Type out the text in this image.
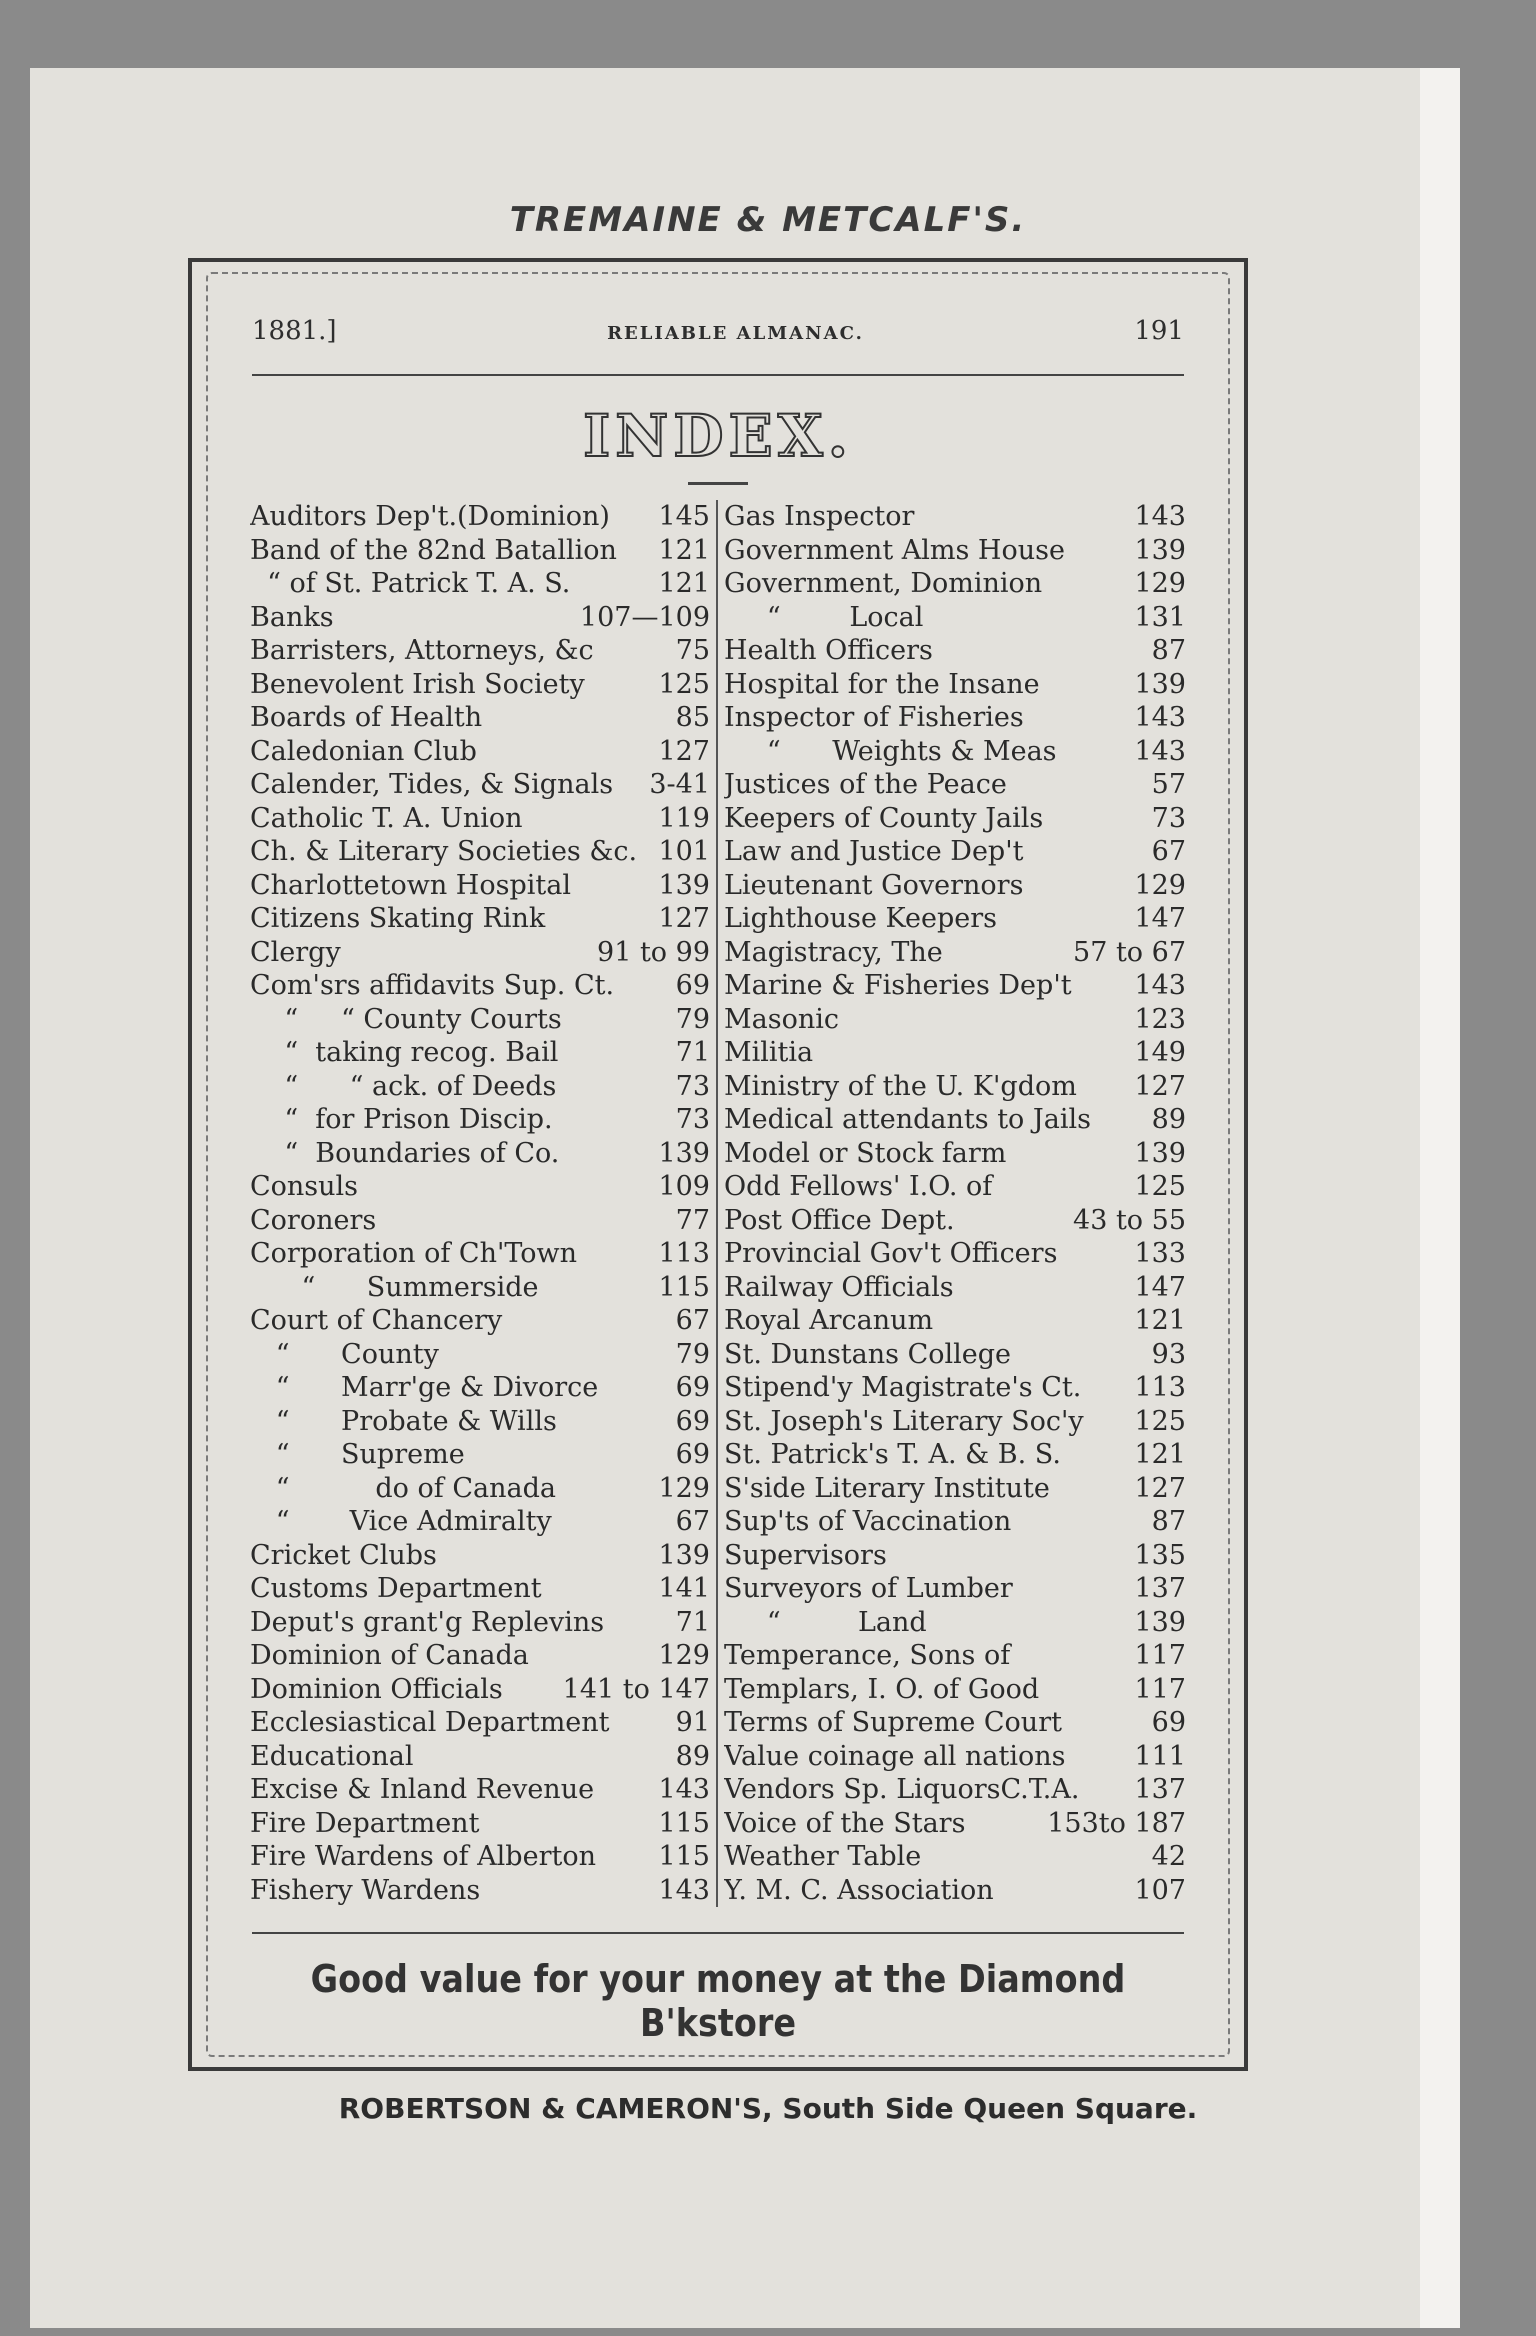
TREMAINE & METCALF'S.
1881.]	RELIABLE ALMANAC.	191
INDEX.
Auditors Dep't.(Dominion) 145
Band of the 82nd Batallion 121
“ of St. Patrick T. A. S.	121
Banks	107—109
Barristers, Attorneys, &c	75
Benevolent Irish Society	125
Boards of Health	85
Caledonian Club	127
Calender, Tides, & Signals 3-41
Catholic T. A. Union	119
Ch. & Literary Societies &c. 101
Charlottetown Hospital	139
Citizens Skating Rink	127
Clergy	91 to 99
Com'srs affidavits Sup. Ct. 69
“     “ County Courts	79
“  taking recog. Bail	71
“      “ ack. of Deeds	73
“  for Prison Discip.	73
“  Boundaries of Co.	139
Consuls	109
Coroners	77
Corporation of Ch'Town	113
“      Summerside	115
Court of Chancery	67
“      County	79
“      Marr'ge & Divorce	69
“      Probate & Wills	69
“      Supreme	69
“          do of Canada	129
“       Vice Admiralty	67
Cricket Clubs	139
Customs Department	141
Deput's grant'g Replevins	71
Dominion of Canada	129
Dominion Officials 141 to 147
Ecclesiastical Department 91
Educational	89
Excise & Inland Revenue 143
Fire Department	115
Fire Wardens of Alberton 115
Fishery Wardens	143
Gas Inspector	143
Government Alms House	139
Government, Dominion	129
“        Local	131
Health Officers	87
Hospital for the Insane	139
Inspector of Fisheries	143
“      Weights & Meas	143
Justices of the Peace	57
Keepers of County Jails	73
Law and Justice Dep't	67
Lieutenant Governors	129
Lighthouse Keepers	147
Magistracy, The	57 to 67
Marine & Fisheries Dep't 143
Masonic	123
Militia	149
Ministry of the U. K'gdom 127
Medical attendants to Jails 89
Model or Stock farm	139
Odd Fellows' I.O. of	125
Post Office Dept.	43 to 55
Provincial Gov't Officers	133
Railway Officials	147
Royal Arcanum	121
St. Dunstans College	93
Stipend'y Magistrate's Ct. 113
St. Joseph's Literary Soc'y 125
St. Patrick's T. A. & B. S.	121
S'side Literary Institute	127
Sup'ts of Vaccination	87
Supervisors	135
Surveyors of Lumber	137
“         Land	139
Temperance, Sons of	117
Templars, I. O. of Good	117
Terms of Supreme Court	69
Value coinage all nations	111
Vendors Sp. LiquorsC.T.A. 137
Voice of the Stars	153to 187
Weather Table	42
Y. M. C. Association	107
Good value for your money at the Diamond B'kstore
ROBERTSON & CAMERON'S, South Side Queen Square.
